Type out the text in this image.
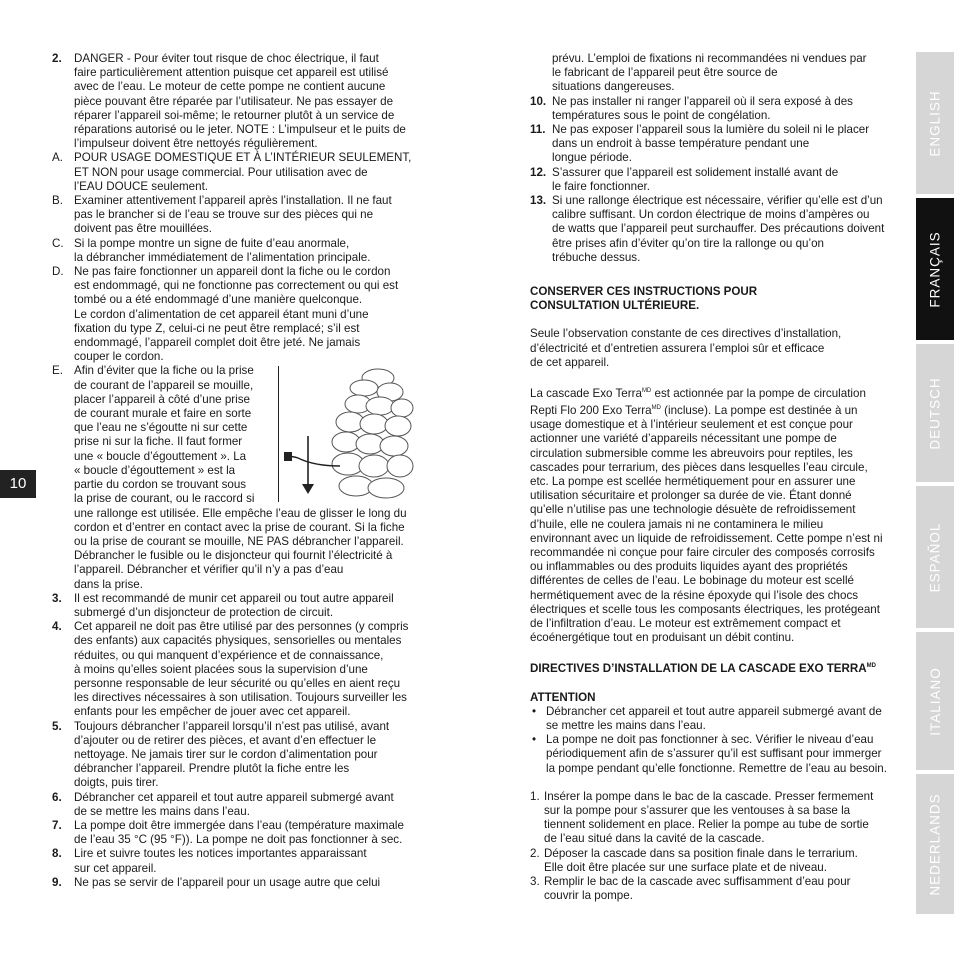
2.	DANGER - Pour éviter tout risque de choc électrique, il faut
faire particulièrement attention puisque cet appareil est utilisé
avec de l’eau. Le moteur de cette pompe ne contient aucune
pièce pouvant être réparée par l’utilisateur. Ne pas essayer de
réparer l’appareil soi-même; le retourner plutôt à un service de
réparations autorisé ou le jeter. NOTE : L’impulseur et le puits de
l’impulseur doivent être nettoyés régulièrement.
A. POUR USAGE DOMESTIQUE ET À L’INTÉRIEUR SEULEMENT,
ET NON pour usage commercial. Pour utilisation avec de
l’EAU DOUCE seulement.
B. Examiner attentivement l’appareil après l’installation. Il ne faut
pas le brancher si de l’eau se trouve sur des pièces qui ne
doivent pas être mouillées.
C. Si la pompe montre un signe de fuite d’eau anormale,
la débrancher immédiatement de l’alimentation principale.
D. Ne pas faire fonctionner un appareil dont la fiche ou le cordon
est endommagé, qui ne fonctionne pas correctement ou qui est
tombé ou a été endommagé d’une manière quelconque.
Le cordon d’alimentation de cet appareil étant muni d’une
fixation du type Z, celui-ci ne peut être remplacé; s’il est
endommagé, l’appareil complet doit être jeté. Ne jamais
couper le cordon.
E. Afin d’éviter que la fiche ou la prise
de courant de l’appareil se mouille,
placer l’appareil à côté d’une prise
de courant murale et faire en sorte
que l’eau ne s’égoutte ni sur cette
prise ni sur la fiche. Il faut former
une « boucle d’égouttement ». La
« boucle d’égouttement » est la
partie du cordon se trouvant sous
la prise de courant, ou le raccord si
une rallonge est utilisée. Elle empêche l’eau de glisser le long du
cordon et d’entrer en contact avec la prise de courant. Si la fiche
ou la prise de courant se mouille, NE PAS débrancher l’appareil.
Débrancher le fusible ou le disjoncteur qui fournit l’électricité à
l’appareil. Débrancher et vérifier qu’il n’y a pas d’eau
dans la prise.
3.	Il est recommandé de munir cet appareil ou tout autre appareil
submergé d’un disjoncteur de protection de circuit.
4.	Cet appareil ne doit pas être utilisé par des personnes (y compris
des enfants) aux capacités physiques, sensorielles ou mentales
réduites, ou qui manquent d’expérience et de connaissance,
à moins qu’elles soient placées sous la supervision d’une
personne responsable de leur sécurité ou qu’elles en aient reçu
les directives nécessaires à son utilisation. Toujours surveiller les
enfants pour les empêcher de jouer avec cet appareil.
5.	Toujours débrancher l’appareil lorsqu’il n’est pas utilisé, avant
d’ajouter ou de retirer des pièces, et avant d’en effectuer le
nettoyage. Ne jamais tirer sur le cordon d’alimentation pour
débrancher l’appareil. Prendre plutôt la fiche entre les
doigts, puis tirer.
6.	Débrancher cet appareil et tout autre appareil submergé avant
de se mettre les mains dans l’eau.
7.	La pompe doit être immergée dans l’eau (température maximale
de l’eau 35 °C (95 °F)). La pompe ne doit pas fonctionner à sec.
8.	Lire et suivre toutes les notices importantes apparaissant
sur cet appareil.
9.	Ne pas se servir de l’appareil pour un usage autre que celui
prévu. L’emploi de fixations ni recommandées ni vendues par
le fabricant de l’appareil peut être source de
situations dangereuses.
10. Ne pas installer ni ranger l’appareil où il sera exposé à des
températures sous le point de congélation.
11. Ne pas exposer l’appareil sous la lumière du soleil ni le placer
dans un endroit à basse température pendant une
longue période.
12. S’assurer que l’appareil est solidement installé avant de
le faire fonctionner.
13. Si une rallonge électrique est nécessaire, vérifier qu’elle est d’un
calibre suffisant. Un cordon électrique de moins d’ampères ou
de watts que l’appareil peut surchauffer. Des précautions doivent
être prises afin d’éviter qu’on tire la rallonge ou qu’on
trébuche dessus.
CONSERVER CES INSTRUCTIONS POUR
CONSULTATION ULTÉRIEURE.
Seule l’observation constante de ces directives d’installation,
d’électricité et d’entretien assurera l’emploi sûr et efficace
de cet appareil.
La cascade Exo Terra$^{MD}$ est actionnée par la pompe de circulation
Repti Flo 200 Exo Terra$^{MD}$ (incluse). La pompe est destinée à un
usage domestique et à l’intérieur seulement et est conçue pour
actionner une variété d’appareils nécessitant une pompe de
circulation submersible comme les abreuvoirs pour reptiles, les
cascades pour terrarium, des pièces dans lesquelles l’eau circule,
etc. La pompe est scellée hermétiquement pour en assurer une
utilisation sécuritaire et prolonger sa durée de vie. Étant donné
qu’elle n’utilise pas une technologie désuète de refroidissement
d’huile, elle ne coulera jamais ni ne contaminera le milieu
environnant avec un liquide de refroidissement. Cette pompe n’est ni
recommandée ni conçue pour faire circuler des composés corrosifs
ou inflammables ou des produits liquides ayant des propriétés
différentes de celles de l’eau. Le bobinage du moteur est scellé
hermétiquement avec de la résine époxyde qui l’isole des chocs
électriques et scelle tous les composants électriques, les protégeant
de l’infiltration d’eau. Le moteur est extrêmement compact et
écoénergétique tout en produisant un débit continu.
DIRECTIVES D’INSTALLATION DE LA CASCADE EXO $TERRA^{MD}$
ATTENTION
• Débrancher cet appareil et tout autre appareil submergé avant de
se mettre les mains dans l’eau.
• La pompe ne doit pas fonctionner à sec. Vérifier le niveau d’eau
périodiquement afin de s’assurer qu’il est suffisant pour immerger
la pompe pendant qu’elle fonctionne. Remettre de l’eau au besoin.
1. Insérer la pompe dans le bac de la cascade. Presser fermement
sur la pompe pour s’assurer que les ventouses à sa base la
tiennent solidement en place. Relier la pompe au tube de sortie
de l’eau situé dans la cavité de la cascade.
2. Déposer la cascade dans sa position finale dans le terrarium.
Elle doit être placée sur une surface plate et de niveau.
3. Remplir le bac de la cascade avec suffisamment d’eau pour
couvrir la pompe.
10
ENGLISH
FRANÇAIS
DEUTSCH
ESPAÑOL
ITALIANO
NEDERLANDS
